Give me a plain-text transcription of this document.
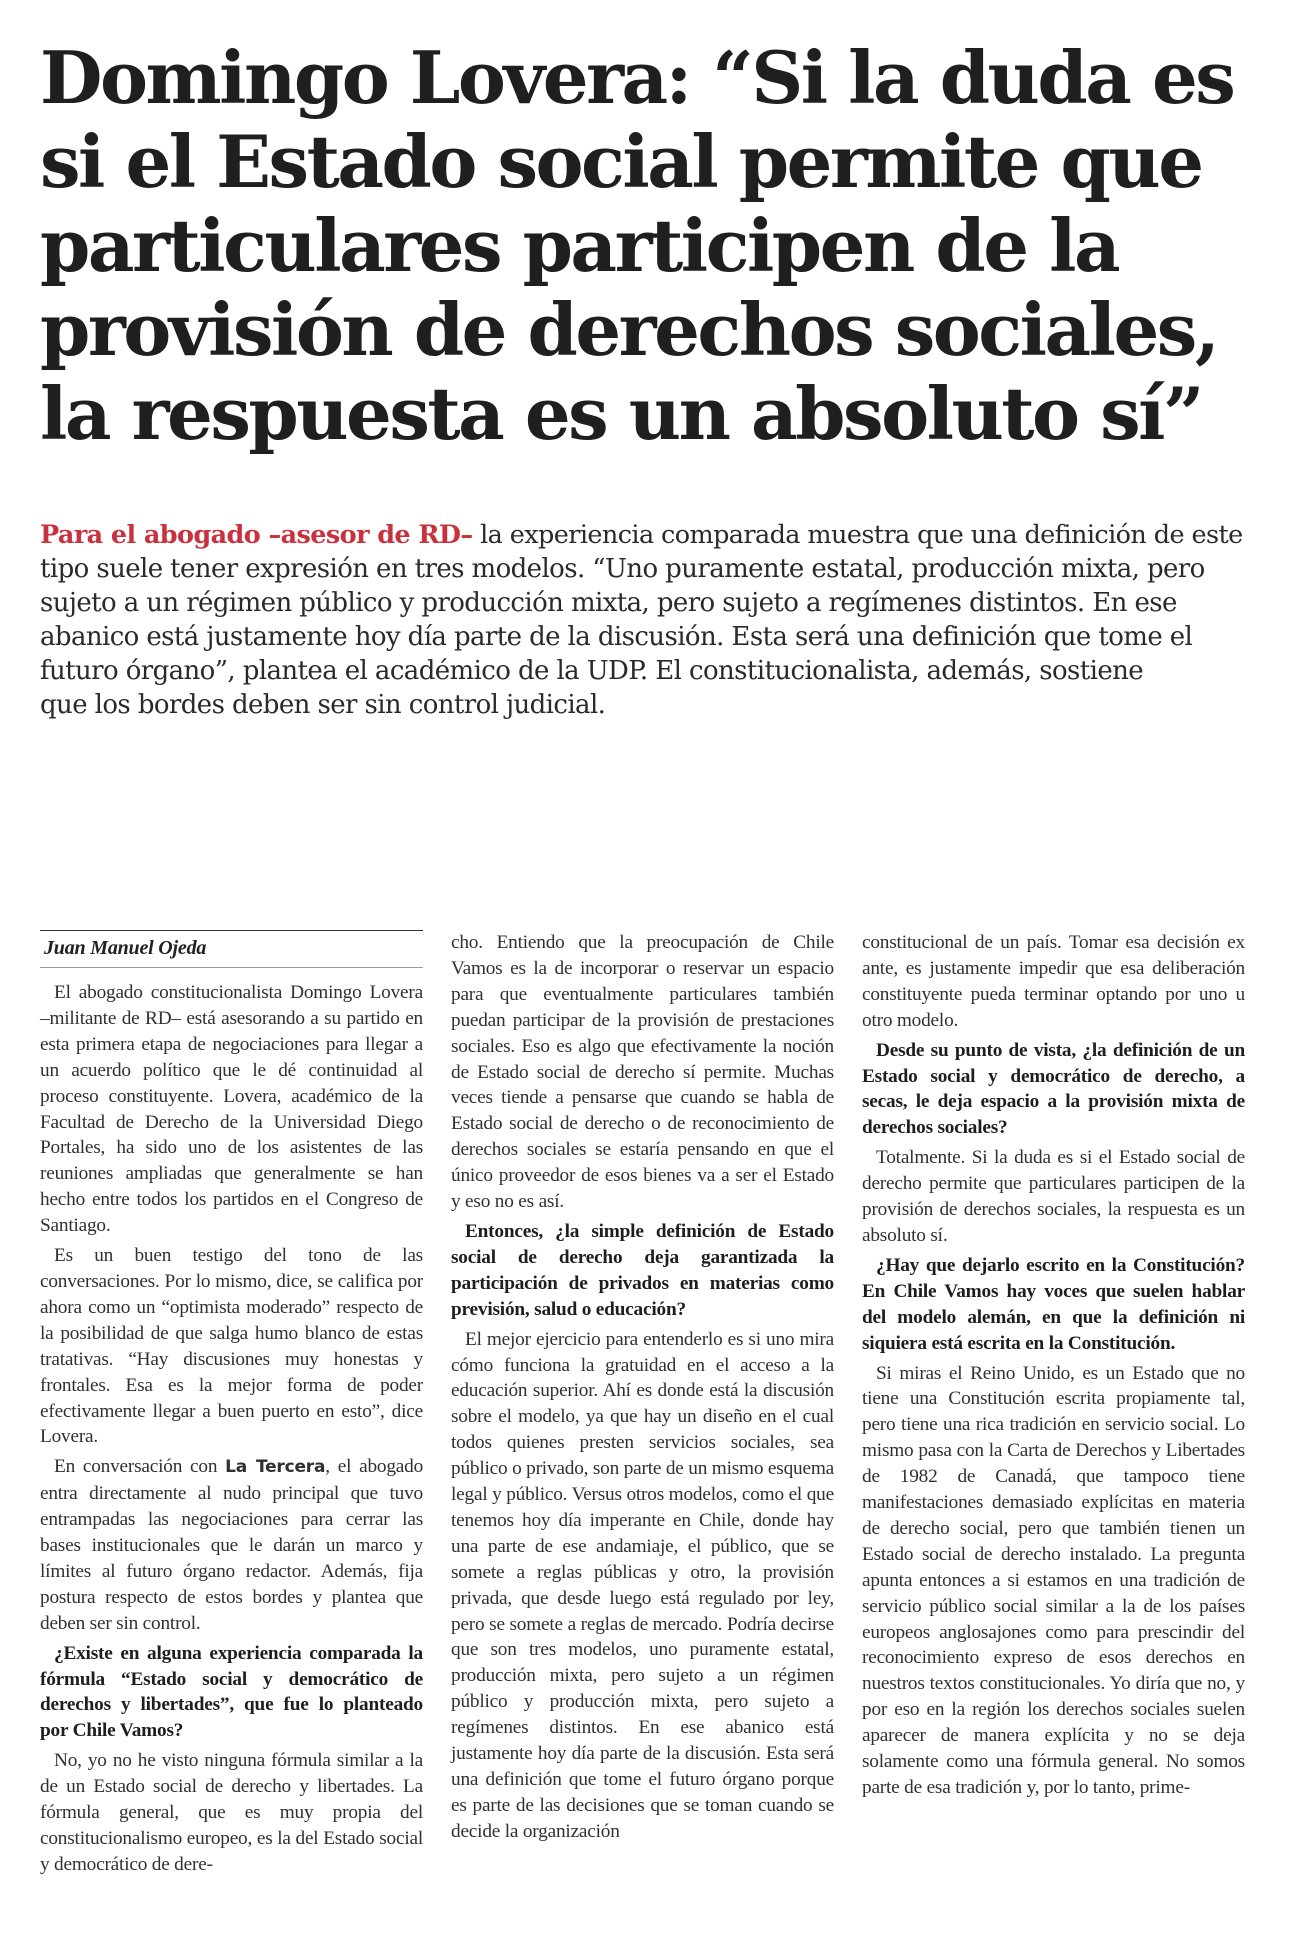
Domingo Lovera: “Si la duda es
si el Estado social permite que
particulares participen de la
provisión de derechos sociales,
la respuesta es un absoluto sí”
Para el abogado –asesor de RD– la experiencia comparada muestra que una definición de este
tipo suele tener expresión en tres modelos. “Uno puramente estatal, producción mixta, pero
sujeto a un régimen público y producción mixta, pero sujeto a regímenes distintos. En ese
abanico está justamente hoy día parte de la discusión. Esta será una definición que tome el
futuro órgano”, plantea el académico de la UDP. El constitucionalista, además, sostiene
que los bordes deben ser sin control judicial.
Juan Manuel Ojeda

El abogado constitucionalista Domingo Lovera –militante de RD– está asesorando a su partido en esta primera etapa de negociaciones para llegar a un acuerdo político que le dé continuidad al proceso constituyente. Lovera, académico de la Facultad de Derecho de la Universidad Diego Portales, ha sido uno de los asistentes de las reuniones ampliadas que generalmente se han hecho entre todos los partidos en el Congreso de Santiago.

Es un buen testigo del tono de las conversaciones. Por lo mismo, dice, se califica por ahora como un “optimista moderado” respecto de la posibilidad de que salga humo blanco de estas tratativas. “Hay discusiones muy honestas y frontales. Esa es la mejor forma de poder efectivamente llegar a buen puerto en esto”, dice Lovera.

En conversación con La Tercera, el abogado entra directamente al nudo principal que tuvo entrampadas las negociaciones para cerrar las bases institucionales que le darán un marco y límites al futuro órgano redactor. Además, fija postura respecto de estos bordes y plantea que deben ser sin control.

¿Existe en alguna experiencia comparada la fórmula “Estado social y democrático de derechos y libertades”, que fue lo planteado por Chile Vamos?

No, yo no he visto ninguna fórmula similar a la de un Estado social de derecho y libertades. La fórmula general, que es muy propia del constitucionalismo europeo, es la del Estado social y democrático de dere-

cho. Entiendo que la preocupación de Chile Vamos es la de incorporar o reservar un espacio para que eventualmente particulares también puedan participar de la provisión de prestaciones sociales. Eso es algo que efectivamente la noción de Estado social de derecho sí permite. Muchas veces tiende a pensarse que cuando se habla de Estado social de derecho o de reconocimiento de derechos sociales se estaría pensando en que el único proveedor de esos bienes va a ser el Estado y eso no es así.

Entonces, ¿la simple definición de Estado social de derecho deja garantizada la participación de privados en materias como previsión, salud o educación?

El mejor ejercicio para entenderlo es si uno mira cómo funciona la gratuidad en el acceso a la educación superior. Ahí es donde está la discusión sobre el modelo, ya que hay un diseño en el cual todos quienes presten servicios sociales, sea público o privado, son parte de un mismo esquema legal y público. Versus otros modelos, como el que tenemos hoy día imperante en Chile, donde hay una parte de ese andamiaje, el público, que se somete a reglas públicas y otro, la provisión privada, que desde luego está regulado por ley, pero se somete a reglas de mercado. Podría decirse que son tres modelos, uno puramente estatal, producción mixta, pero sujeto a un régimen público y producción mixta, pero sujeto a regímenes distintos. En ese abanico está justamente hoy día parte de la discusión. Esta será una definición que tome el futuro órgano porque es parte de las decisiones que se toman cuando se decide la organización

constitucional de un país. Tomar esa decisión ex ante, es justamente impedir que esa deliberación constituyente pueda terminar optando por uno u otro modelo.

Desde su punto de vista, ¿la definición de un Estado social y democrático de derecho, a secas, le deja espacio a la provisión mixta de derechos sociales?

Totalmente. Si la duda es si el Estado social de derecho permite que particulares participen de la provisión de derechos sociales, la respuesta es un absoluto sí.

¿Hay que dejarlo escrito en la Constitución? En Chile Vamos hay voces que suelen hablar del modelo alemán, en que la definición ni siquiera está escrita en la Constitución.

Si miras el Reino Unido, es un Estado que no tiene una Constitución escrita propiamente tal, pero tiene una rica tradición en servicio social. Lo mismo pasa con la Carta de Derechos y Libertades de 1982 de Canadá, que tampoco tiene manifestaciones demasiado explícitas en materia de derecho social, pero que también tienen un Estado social de derecho instalado. La pregunta apunta entonces a si estamos en una tradición de servicio público social similar a la de los países europeos anglosajones como para prescindir del reconocimiento expreso de esos derechos en nuestros textos constitucionales. Yo diría que no, y por eso en la región los derechos sociales suelen aparecer de manera explícita y no se deja solamente como una fórmula general. No somos parte de esa tradición y, por lo tanto, prime-
